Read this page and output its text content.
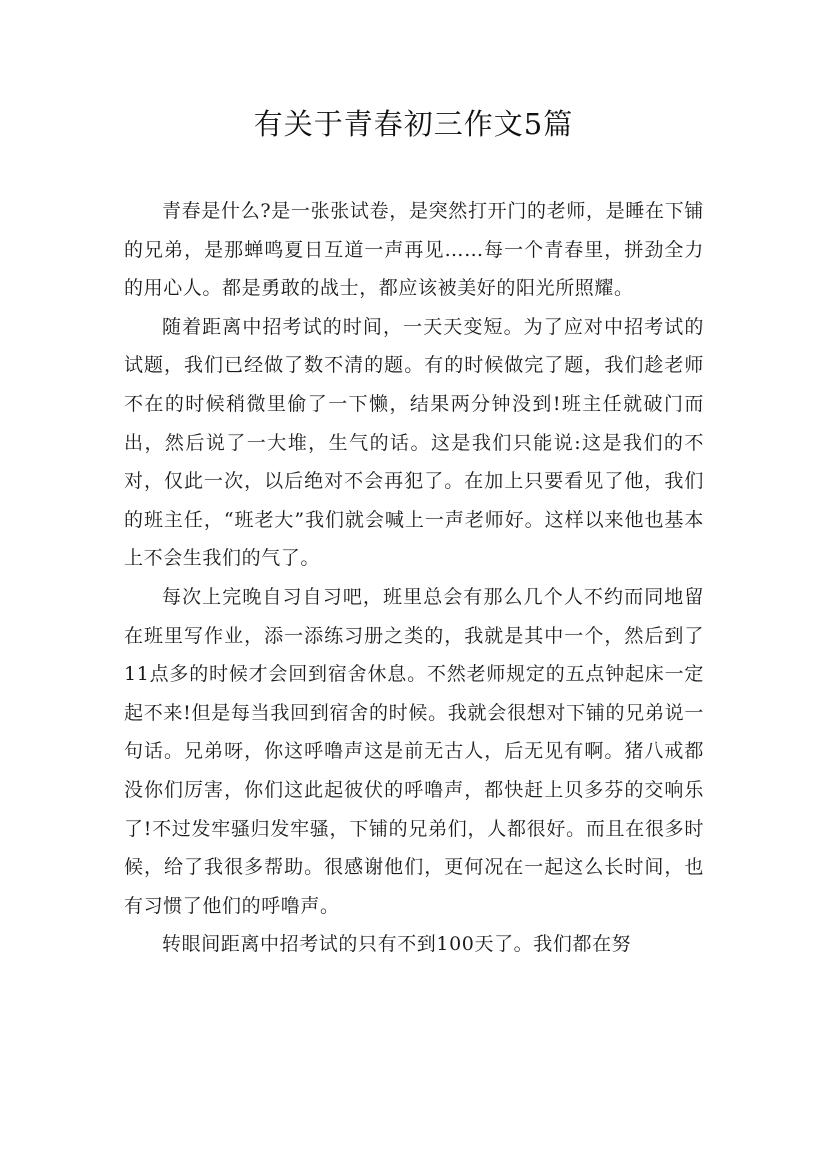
有关于青春初三作文5篇

青春是什么?是一张张试卷，是突然打开门的老师，是睡在下铺的兄弟，是那蝉鸣夏日互道一声再见……每一个青春里，拼劲全力的用心人。都是勇敢的战士，都应该被美好的阳光所照耀。

随着距离中招考试的时间，一天天变短。为了应对中招考试的试题，我们已经做了数不清的题。有的时候做完了题，我们趁老师不在的时候稍微里偷了一下懒，结果两分钟没到!班主任就破门而出，然后说了一大堆，生气的话。这是我们只能说:这是我们的不对，仅此一次，以后绝对不会再犯了。在加上只要看见了他，我们的班主任，“班老大”我们就会喊上一声老师好。这样以来他也基本上不会生我们的气了。

每次上完晚自习自习吧，班里总会有那么几个人不约而同地留在班里写作业，添一添练习册之类的，我就是其中一个，然后到了11点多的时候才会回到宿舍休息。不然老师规定的五点钟起床一定起不来!但是每当我回到宿舍的时候。我就会很想对下铺的兄弟说一句话。兄弟呀，你这呼噜声这是前无古人，后无见有啊。猪八戒都没你们厉害，你们这此起彼伏的呼噜声，都快赶上贝多芬的交响乐了!不过发牢骚归发牢骚，下铺的兄弟们，人都很好。而且在很多时候，给了我很多帮助。很感谢他们，更何况在一起这么长时间，也有习惯了他们的呼噜声。

转眼间距离中招考试的只有不到100天了。我们都在努
